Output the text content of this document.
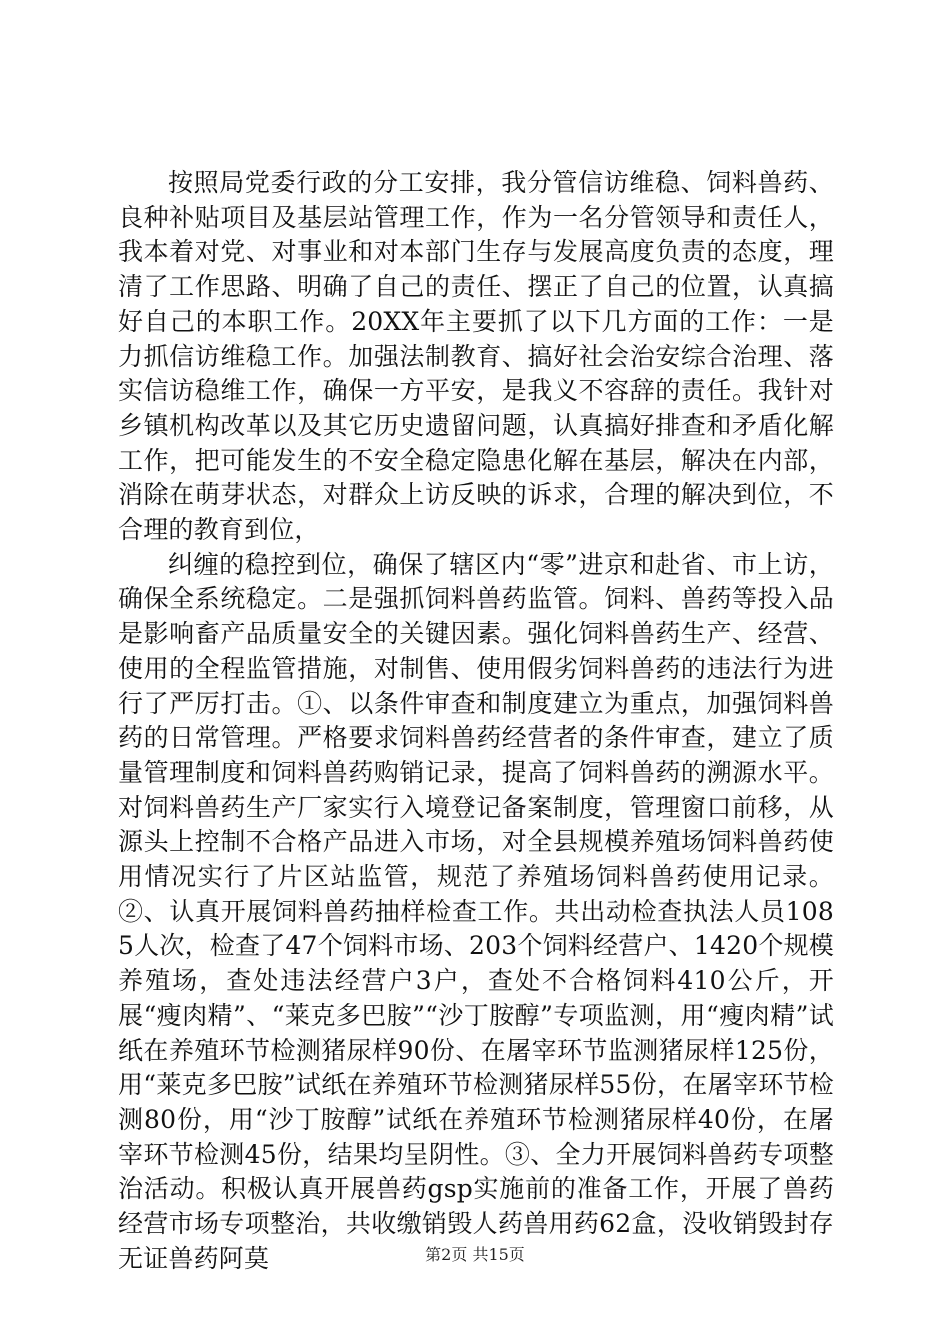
按照局党委行政的分工安排，我分管信访维稳、饲料兽药、良种补贴项目及基层站管理工作，作为一名分管领导和责任人，我本着对党、对事业和对本部门生存与发展高度负责的态度，理清了工作思路、明确了自己的责任、摆正了自己的位置，认真搞好自己的本职工作。20XX年主要抓了以下几方面的工作：一是力抓信访维稳工作。加强法制教育、搞好社会治安综合治理、落实信访稳维工作，确保一方平安，是我义不容辞的责任。我针对乡镇机构改革以及其它历史遗留问题，认真搞好排查和矛盾化解工作，把可能发生的不安全稳定隐患化解在基层，解决在内部，消除在萌芽状态，对群众上访反映的诉求，合理的解决到位，不合理的教育到位，

纠缠的稳控到位，确保了辖区内“零”进京和赴省、市上访，确保全系统稳定。二是强抓饲料兽药监管。饲料、兽药等投入品是影响畜产品质量安全的关键因素。强化饲料兽药生产、经营、使用的全程监管措施，对制售、使用假劣饲料兽药的违法行为进行了严厉打击。①、以条件审查和制度建立为重点，加强饲料兽药的日常管理。严格要求饲料兽药经营者的条件审查，建立了质量管理制度和饲料兽药购销记录，提高了饲料兽药的溯源水平。对饲料兽药生产厂家实行入境登记备案制度，管理窗口前移，从源头上控制不合格产品进入市场，对全县规模养殖场饲料兽药使用情况实行了片区站监管，规范了养殖场饲料兽药使用记录。②、认真开展饲料兽药抽样检查工作。共出动检查执法人员1085人次，检查了47个饲料市场、203个饲料经营户、1420个规模养殖场，查处违法经营户3户，查处不合格饲料410公斤，开展“瘦肉精”、“莱克多巴胺”“沙丁胺醇”专项监测，用“瘦肉精”试纸在养殖环节检测猪尿样90份、在屠宰环节监测猪尿样125份，用“莱克多巴胺”试纸在养殖环节检测猪尿样55份，在屠宰环节检测80份，用“沙丁胺醇”试纸在养殖环节检测猪尿样40份，在屠宰环节检测45份，结果均呈阴性。③、全力开展饲料兽药专项整治活动。积极认真开展兽药gsp实施前的准备工作，开展了兽药经营市场专项整治，共收缴销毁人药兽用药62盒，没收销毁封存无证兽药阿莫	第2页 共15页
